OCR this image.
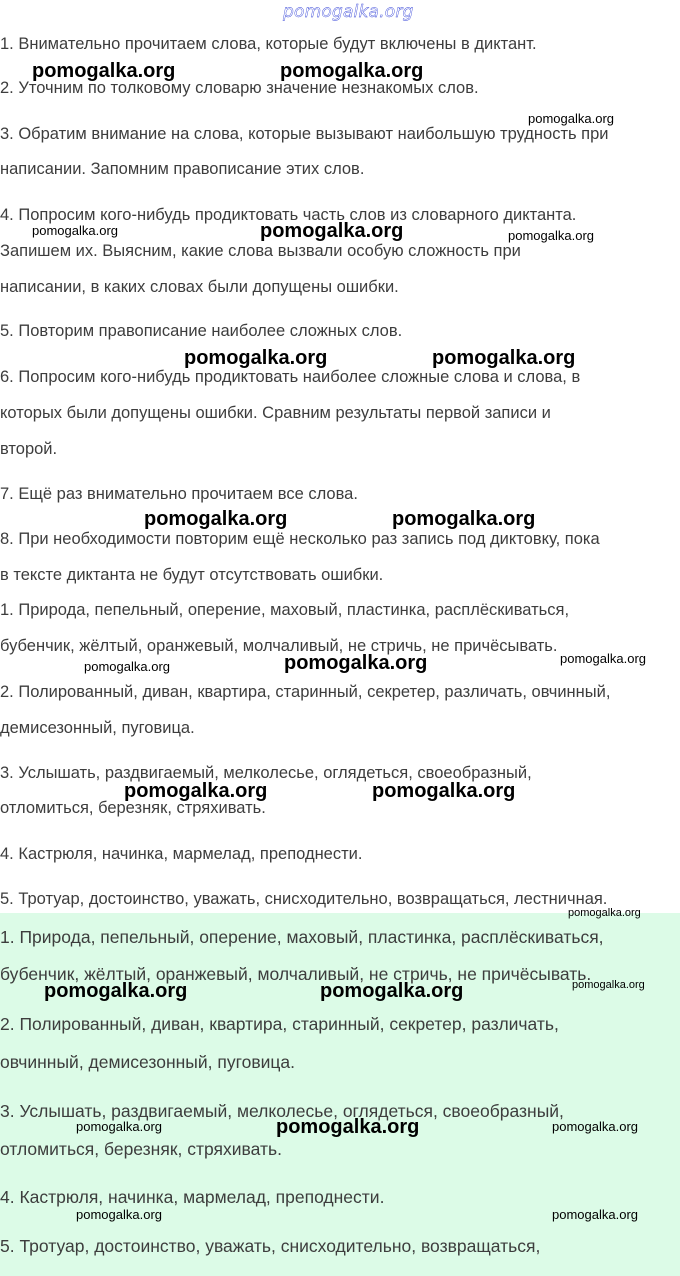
pomogalka.org
1. Внимательно прочитаем слова, которые будут включены в диктант.
2. Уточним по толковому словарю значение незнакомых слов.
3. Обратим внимание на слова, которые вызывают наибольшую трудность при
написании. Запомним правописание этих слов.
4. Попросим кого-нибудь продиктовать часть слов из словарного диктанта.
Запишем их. Выясним, какие слова вызвали особую сложность при
написании, в каких словах были допущены ошибки.
5. Повторим правописание наиболее сложных слов.
6. Попросим кого-нибудь продиктовать наиболее сложные слова и слова, в
которых были допущены ошибки. Сравним результаты первой записи и
второй.
7. Ещё раз внимательно прочитаем все слова.
8. При необходимости повторим ещё несколько раз запись под диктовку, пока
в тексте диктанта не будут отсутствовать ошибки.
1. Природа, пепельный, оперение, маховый, пластинка, расплёскиваться,
бубенчик, жёлтый, оранжевый, молчаливый, не стричь, не причёсывать.
2. Полированный, диван, квартира, старинный, секретер, различать, овчинный,
демисезонный, пуговица.
3. Услышать, раздвигаемый, мелколесье, оглядеться, своеобразный,
отломиться, березняк, стряхивать.
4. Кастрюля, начинка, мармелад, преподнести.
5. Тротуар, достоинство, уважать, снисходительно, возвращаться, лестничная.
1. Природа, пепельный, оперение, маховый, пластинка, расплёскиваться,
бубенчик, жёлтый, оранжевый, молчаливый, не стричь, не причёсывать.
2. Полированный, диван, квартира, старинный, секретер, различать,
овчинный, демисезонный, пуговица.
3. Услышать, раздвигаемый, мелколесье, оглядеться, своеобразный,
отломиться, березняк, стряхивать.
4. Кастрюля, начинка, мармелад, преподнести.
5. Тротуар, достоинство, уважать, снисходительно, возвращаться,
pomogalka.org	pomogalka.org
pomogalka.org
pomogalka.org	pomogalka.org	pomogalka.org
pomogalka.org	pomogalka.org
pomogalka.org	pomogalka.org
pomogalka.org	pomogalka.org	pomogalka.org
pomogalka.org	pomogalka.org
pomogalka.org
pomogalka.org	pomogalka.org	pomogalka.org
pomogalka.org	pomogalka.org	pomogalka.org
pomogalka.org	pomogalka.org
